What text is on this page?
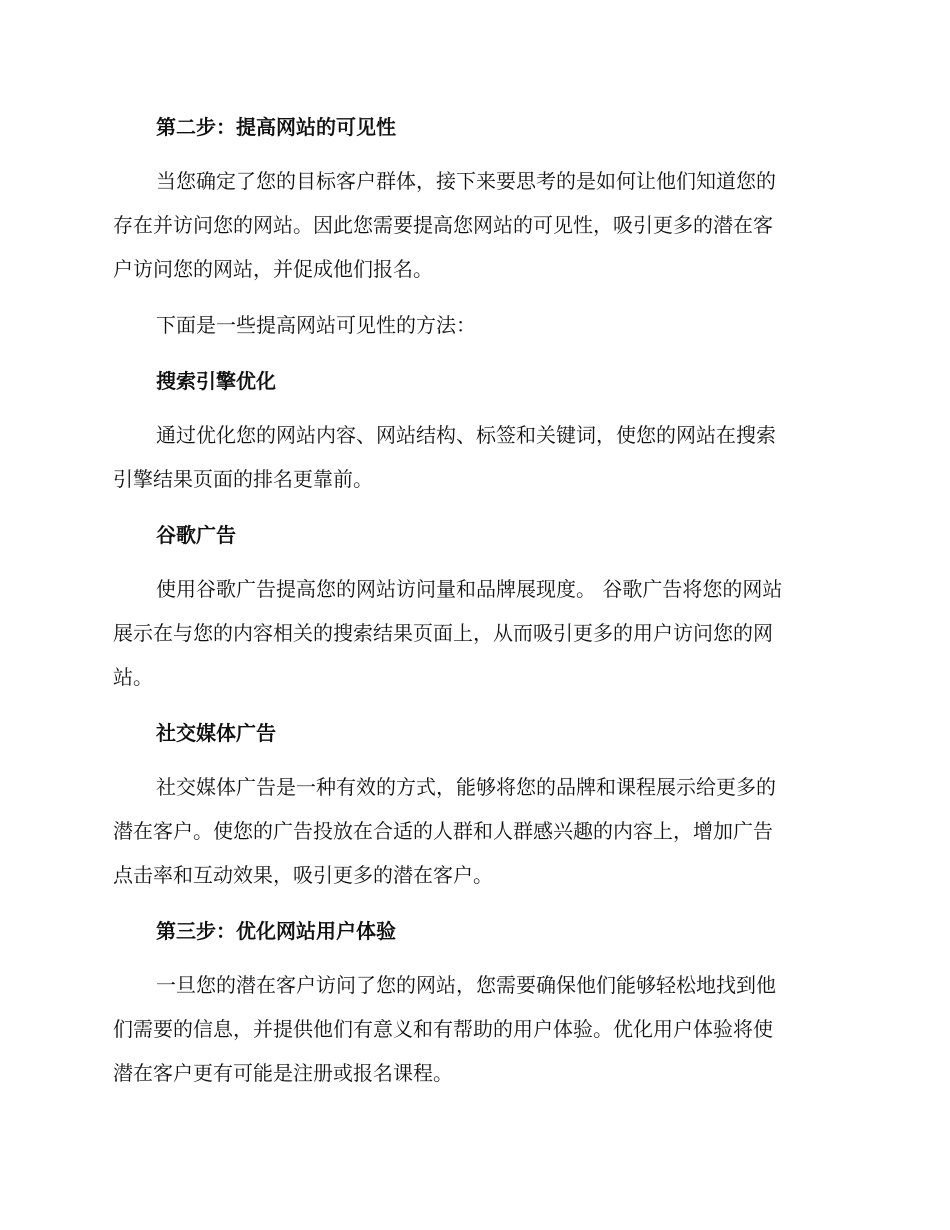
第二步：提高网站的可见性

当您确定了您的目标客户群体，接下来要思考的是如何让他们知道您的
存在并访问您的网站。因此您需要提高您网站的可见性，吸引更多的潜在客
户访问您的网站，并促成他们报名。

下面是一些提高网站可见性的方法：

搜索引擎优化

通过优化您的网站内容、网站结构、标签和关键词，使您的网站在搜索
引擎结果页面的排名更靠前。

谷歌广告

使用谷歌广告提高您的网站访问量和品牌展现度。 谷歌广告将您的网站
展示在与您的内容相关的搜索结果页面上，从而吸引更多的用户访问您的网
站。

社交媒体广告

社交媒体广告是一种有效的方式，能够将您的品牌和课程展示给更多的
潜在客户。使您的广告投放在合适的人群和人群感兴趣的内容上，增加广告
点击率和互动效果，吸引更多的潜在客户。

第三步：优化网站用户体验

一旦您的潜在客户访问了您的网站，您需要确保他们能够轻松地找到他
们需要的信息，并提供他们有意义和有帮助的用户体验。优化用户体验将使
潜在客户更有可能是注册或报名课程。
